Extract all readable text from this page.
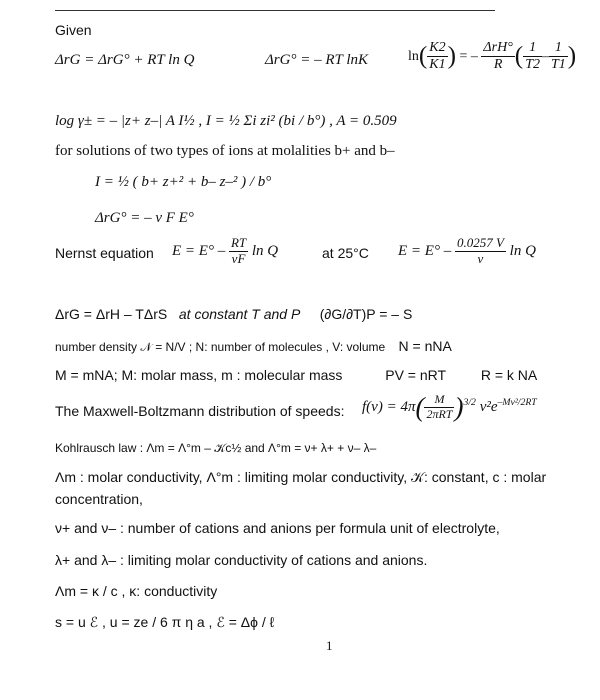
Given
ΔrG = ΔrG° + RT ln Q	ΔrG° = – RT lnK	$\ln( \frac{K2}{K1}$ ) = – $\frac{\text{ΔrH°}}{R}$ ( $\frac{1}{T2} - \frac{1}{T1}$ )
log γ± = – |z+ z–| A I½ , I = ½ Σi zi² (bi / b°) , A = 0.509
for solutions of two types of ions at molalities b+ and b–
I = ½ ( b+ z+² + b– z–² ) / b°
ΔrG° = – v F E°
Nernst equation $E = E^\circ - \frac{RT}{vF}$ ln Q	at 25°C $E = E^\circ - \frac{0.0257 V}{v}$ ln Q
ΔrG = ΔrH – TΔrS at constant T and P (∂G/∂T)P = – S
number density 𝒩 = N/V ; N: number of molecules , V: volume N = nNA
M = mNA; M: molar mass, m : molecular mass	PV = nRT	R = k NA
The Maxwell-Boltzmann distribution of speeds: $f(v) = 4\pi( \frac{M}{\text{2πRT}} )^{3/2}$ $v^2e^{-Mv^2/2RT}$
Kohlrausch law : Λm = Λ°m – 𝒦c½ and Λ°m = ν+ λ+ + ν– λ–
Λm : molar conductivity, Λ°m : limiting molar conductivity, 𝒦: constant, c : molar concentration,
ν+ and ν– : number of cations and anions per formula unit of electrolyte,
λ+ and λ– : limiting molar conductivity of cations and anions.
Λm = κ / c , κ: conductivity
s = u ℰ , u = ze / 6 π η a , ℰ = Δϕ / ℓ
1
